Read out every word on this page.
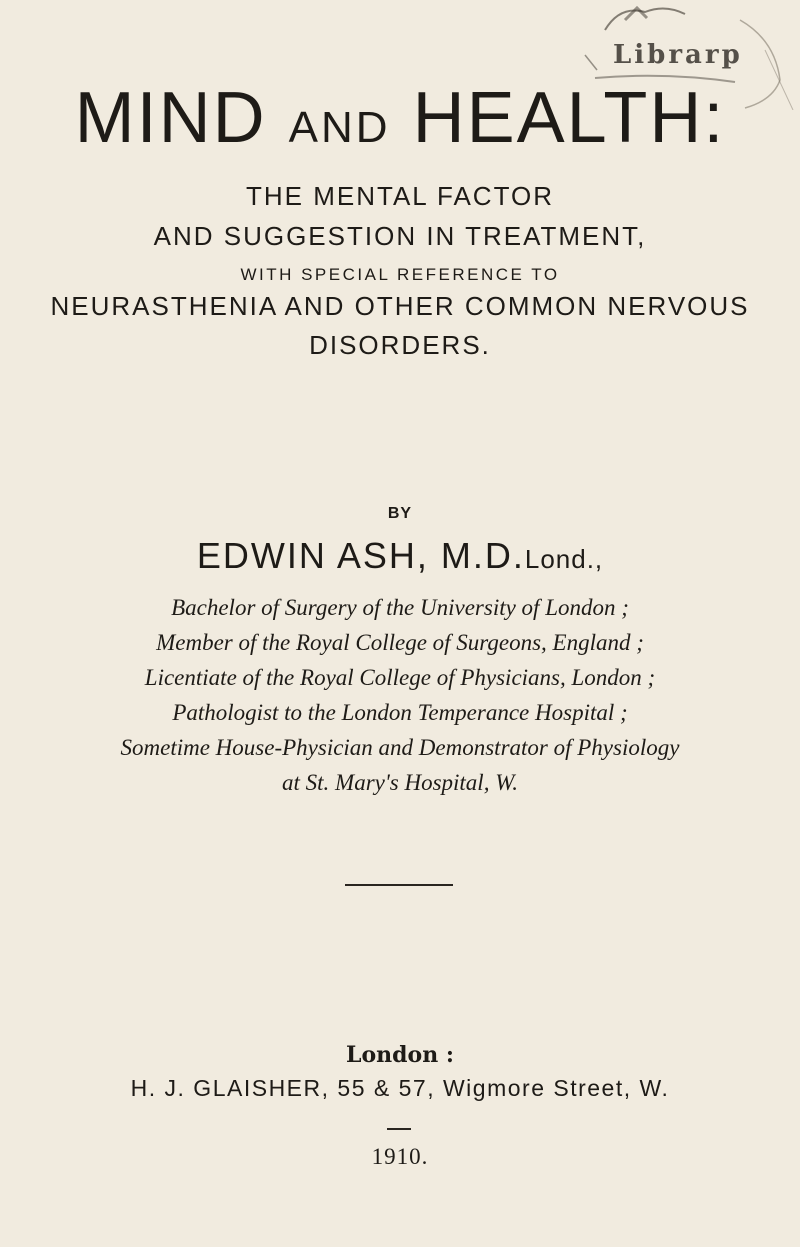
Librarp
MIND AND HEALTH:
THE MENTAL FACTOR
AND SUGGESTION IN TREATMENT,
WITH SPECIAL REFERENCE TO
NEURASTHENIA AND OTHER COMMON NERVOUS
DISORDERS.
BY
EDWIN ASH, M.D.Lond.,
Bachelor of Surgery of the University of London ;
Member of the Royal College of Surgeons, England ;
Licentiate of the Royal College of Physicians, London ;
Pathologist to the London Temperance Hospital ;
Sometime House-Physician and Demonstrator of Physiology
at St. Mary's Hospital, W.
London :
H. J. GLAISHER, 55 & 57, Wigmore Street, W.
1910.
